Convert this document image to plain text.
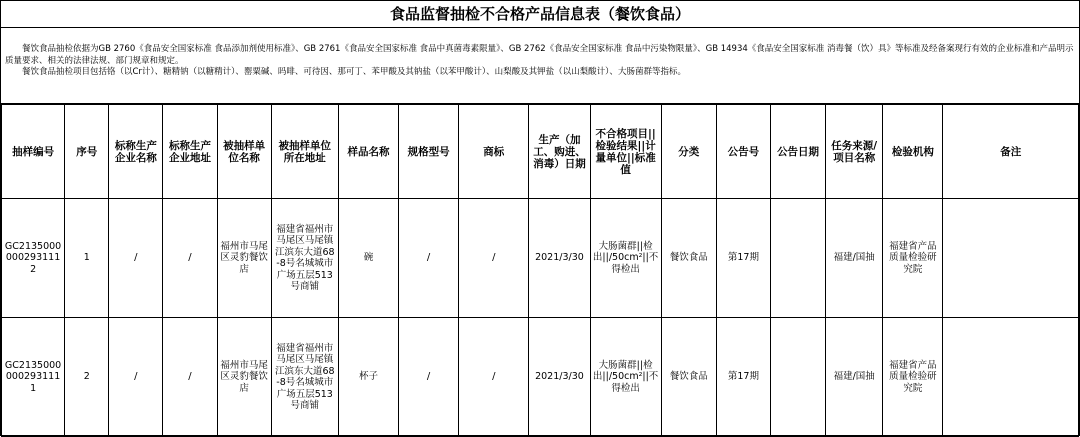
食品监督抽检不合格产品信息表（餐饮食品）
　　餐饮食品抽检依据为GB 2760《食品安全国家标准 食品添加剂使用标准》、GB 2761《食品安全国家标准 食品中真菌毒素限量》、GB 2762《食品安全国家标准 食品中污染物限量》、GB 14934《食品安全国家标准 消毒餐（饮）具》等标准及经备案现行有效的企业标准和产品明示质量要求、相关的法律法规、部门规章和规定。
　　餐饮食品抽检项目包括铬（以Cr计）、糖精钠（以糖精计）、罂粟碱、吗啡、可待因、那可丁、苯甲酸及其钠盐（以苯甲酸计）、山梨酸及其钾盐（以山梨酸计）、大肠菌群等指标。
抽样编号	序号	标称生产企业名称	标称生产企业地址	被抽样单位名称	被抽样单位所在地址	样品名称	规格型号	商标	生产（加工、购进、消毒）日期	不合格项目||检验结果||计量单位||标准值	分类	公告号	公告日期	任务来源/项目名称	检验机构	备注
GC21350000002931112	1	/	/	福州市马尾区灵豹餐饮店	福建省福州市马尾区马尾镇江滨东大道68-8号名城城市广场五层513号商铺	碗	/	/	2021/3/30	大肠菌群||检出||/50cm²||不得检出	餐饮食品	第17期		福建/国抽	福建省产品质量检验研究院	
GC21350000002931111	2	/	/	福州市马尾区灵豹餐饮店	福建省福州市马尾区马尾镇江滨东大道68-8号名城城市广场五层513号商铺	杯子	/	/	2021/3/30	大肠菌群||检出||/50cm²||不得检出	餐饮食品	第17期		福建/国抽	福建省产品质量检验研究院	
